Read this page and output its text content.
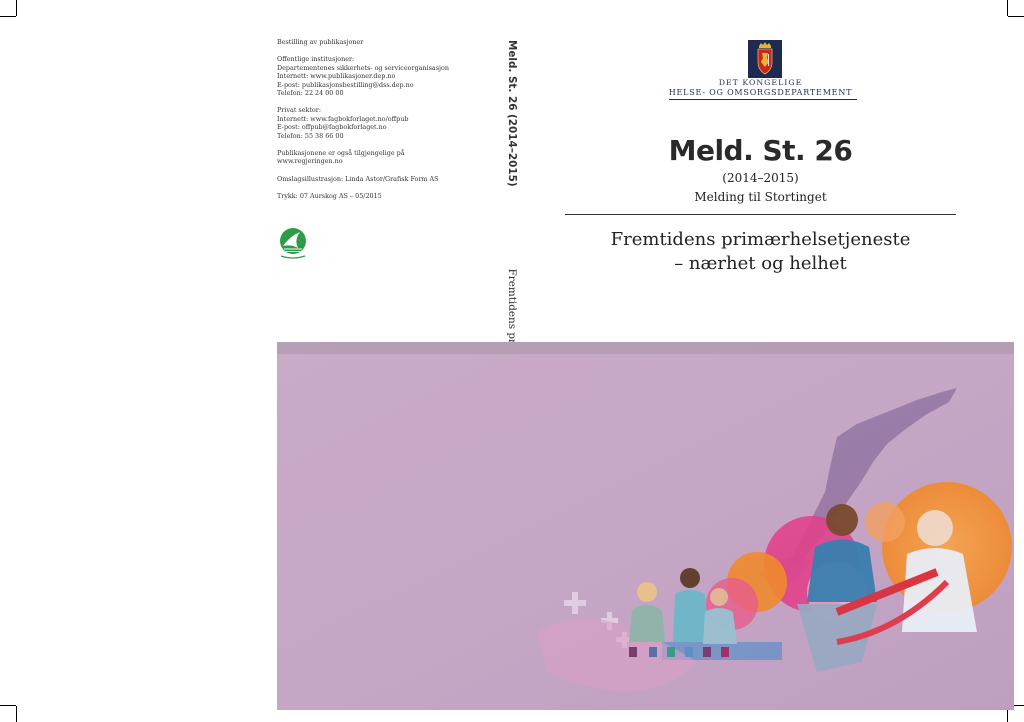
Bestilling av publikasjoner

Offentlige institusjoner:
Departementenes sikkerhets- og serviceorganisasjon
Internett: www.publikasjoner.dep.no
E-post: publikasjonsbestilling@dss.dep.no
Telefon: 22 24 00 00

Privat sektor:
Internett: www.fagbokforlaget.no/offpub
E-post: offpub@fagbokforlaget.no
Telefon: 55 38 66 00

Publikasjonene er også tilgjengelige på
www.regjeringen.no

Omslagsillustrasjon: Linda Astor/Grafisk Form AS

Trykk: 07 Aurskog AS – 05/2015

Meld. St. 26 (2014–2015)	DET KONGELIGE
HELSE- OG OMSORGSDEPARTEMENT
Meld. St. 26
(2014–2015)
Melding til Stortinget
Fremtidens primærhelsetjeneste
– nærhet og helhet
